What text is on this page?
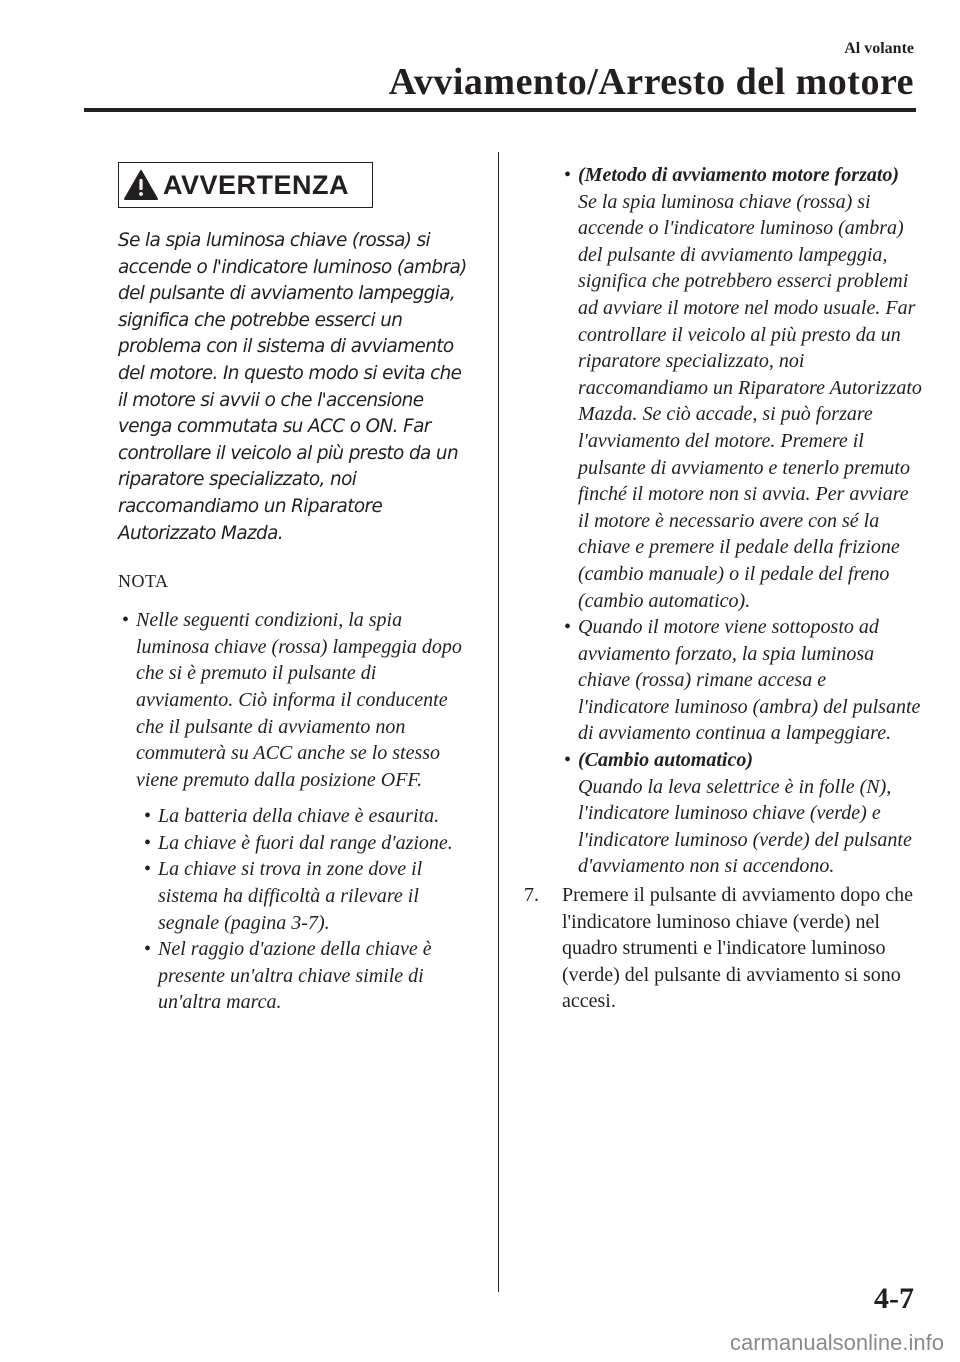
Al volante
Avviamento/Arresto del motore
AVVERTENZA
Se la spia luminosa chiave (rossa) si accende o l'indicatore luminoso (ambra) del pulsante di avviamento lampeggia, significa che potrebbe esserci un problema con il sistema di avviamento del motore. In questo modo si evita che il motore si avvii o che l'accensione venga commutata su ACC o ON. Far controllare il veicolo al più presto da un riparatore specializzato, noi raccomandiamo un Riparatore Autorizzato Mazda.
NOTA
• Nelle seguenti condizioni, la spia luminosa chiave (rossa) lampeggia dopo che si è premuto il pulsante di avviamento. Ciò informa il conducente che il pulsante di avviamento non commuterà su ACC anche se lo stesso viene premuto dalla posizione OFF.
• La batteria della chiave è esaurita.
• La chiave è fuori dal range d'azione.
• La chiave si trova in zone dove il sistema ha difficoltà a rilevare il segnale (pagina 3-7).
• Nel raggio d'azione della chiave è presente un'altra chiave simile di un'altra marca.
• (Metodo di avviamento motore forzato)
Se la spia luminosa chiave (rossa) si accende o l'indicatore luminoso (ambra) del pulsante di avviamento lampeggia, significa che potrebbero esserci problemi ad avviare il motore nel modo usuale. Far controllare il veicolo al più presto da un riparatore specializzato, noi raccomandiamo un Riparatore Autorizzato Mazda. Se ciò accade, si può forzare l'avviamento del motore. Premere il pulsante di avviamento e tenerlo premuto finché il motore non si avvia. Per avviare il motore è necessario avere con sé la chiave e premere il pedale della frizione (cambio manuale) o il pedale del freno (cambio automatico).
• Quando il motore viene sottoposto ad avviamento forzato, la spia luminosa chiave (rossa) rimane accesa e l'indicatore luminoso (ambra) del pulsante di avviamento continua a lampeggiare.
• (Cambio automatico)
Quando la leva selettrice è in folle (N), l'indicatore luminoso chiave (verde) e l'indicatore luminoso (verde) del pulsante d'avviamento non si accendono.
7. Premere il pulsante di avviamento dopo che l'indicatore luminoso chiave (verde) nel quadro strumenti e l'indicatore luminoso (verde) del pulsante di avviamento si sono accesi.
4-7
carmanualsonline.info
